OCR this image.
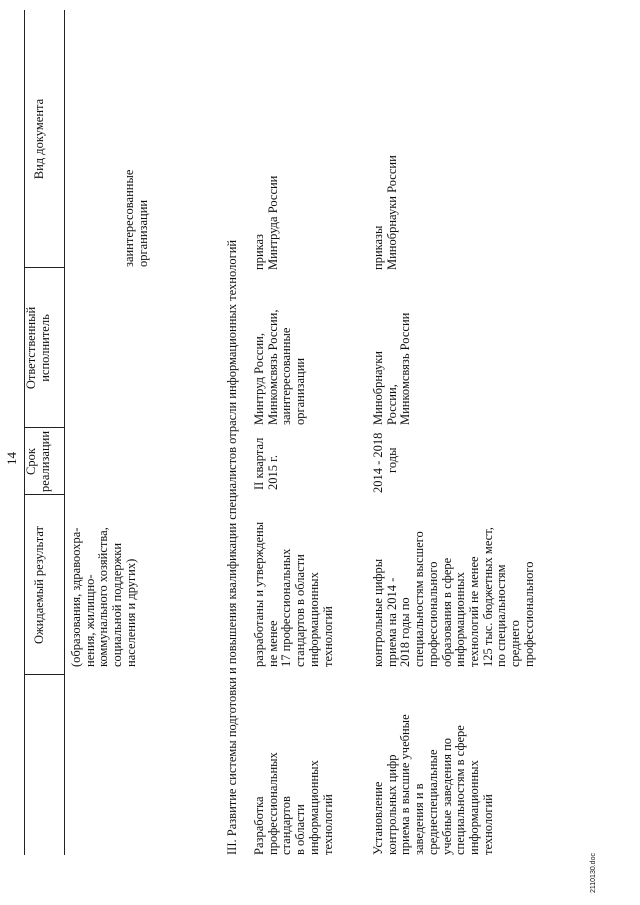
14
Ожидаемый результат
Срок реализации
Ответственный исполнитель
Вид документа
(образования, здравоохра- нения, жилищно- коммунального хозяйства, социальной поддержки населения и других)
заинтересованные организации
III. Развитие системы подготовки и повышения квалификации специалистов отрасли информационных технологий Разработка профессиональных стандартов в области информационных технологий
разработаны и утверждены не менее 17 профессиональных стандартов в области информационных технологий
II квартал 2015 г.
Минтруд России, Минкомсвязь России, заинтересованные организации
приказ Минтруда России
Установление контрольных цифр приема в высшие учебные заведения и в среднеспециальные учебные заведения по специальностям в сфере информационных технологий
контрольные цифры приема на 2014 - 2018 годы по специальностям высшего профессионального образования в сфере информационных технологий не менее 125 тыс. бюджетных мест, по специальностям среднего профессионального
2014 - 2018 годы
Минобрнауки России, Минкомсвязь России
приказы Минобрнауки России
2110130.doc
